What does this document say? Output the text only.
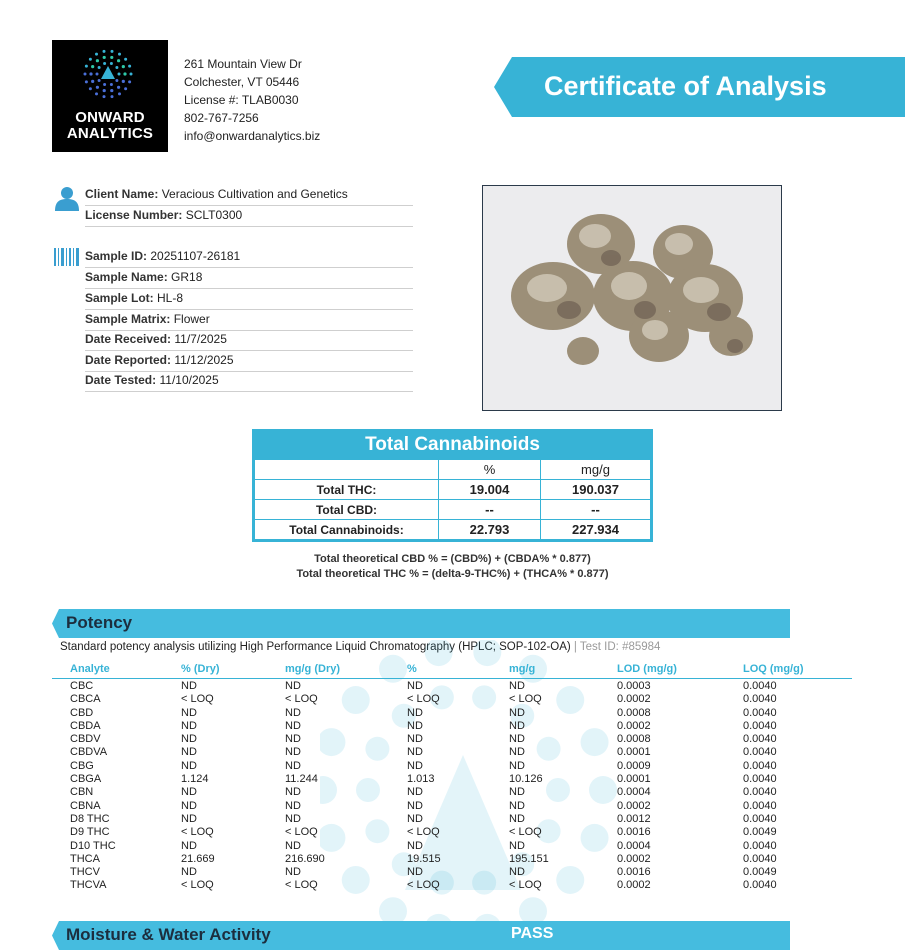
ONWARD
ANALYTICS
261 Mountain View Dr
Colchester, VT 05446
License #: TLAB0030
802-767-7256
info@onwardanalytics.biz
Certificate of Analysis
Client Name: Veracious Cultivation and Genetics
License Number: SCLT0300
Sample ID: 20251107-26181
Sample Name: GR18
Sample Lot: HL-8
Sample Matrix: Flower
Date Received: 11/7/2025
Date Reported: 11/12/2025
Date Tested: 11/10/2025
Total Cannabinoids
	%	mg/g
Total THC:	19.004	190.037
Total CBD:	--	--
Total Cannabinoids:	22.793	227.934
Total theoretical CBD % = (CBD%) + (CBDA% * 0.877)
Total theoretical THC % = (delta-9-THC%) + (THCA% * 0.877)
Potency
Standard potency analysis utilizing High Performance Liquid Chromatography (HPLC; SOP-102-OA) | Test ID: #85984
Analyte	% (Dry)	mg/g (Dry)	%	mg/g	LOD (mg/g)	LOQ (mg/g)
CBC	ND	ND	ND	ND	0.0003	0.0040
CBCA	< LOQ	< LOQ	< LOQ	< LOQ	0.0002	0.0040
CBD	ND	ND	ND	ND	0.0008	0.0040
CBDA	ND	ND	ND	ND	0.0002	0.0040
CBDV	ND	ND	ND	ND	0.0008	0.0040
CBDVA	ND	ND	ND	ND	0.0001	0.0040
CBG	ND	ND	ND	ND	0.0009	0.0040
CBGA	1.124	11.244	1.013	10.126	0.0001	0.0040
CBN	ND	ND	ND	ND	0.0004	0.0040
CBNA	ND	ND	ND	ND	0.0002	0.0040
D8 THC	ND	ND	ND	ND	0.0012	0.0040
D9 THC	< LOQ	< LOQ	< LOQ	< LOQ	0.0016	0.0049
D10 THC	ND	ND	ND	ND	0.0004	0.0040
THCA	21.669	216.690	19.515	195.151	0.0002	0.0040
THCV	ND	ND	ND	ND	0.0016	0.0049
THCVA	< LOQ	< LOQ	< LOQ	< LOQ	0.0002	0.0040
Moisture & Water Activity	PASS
